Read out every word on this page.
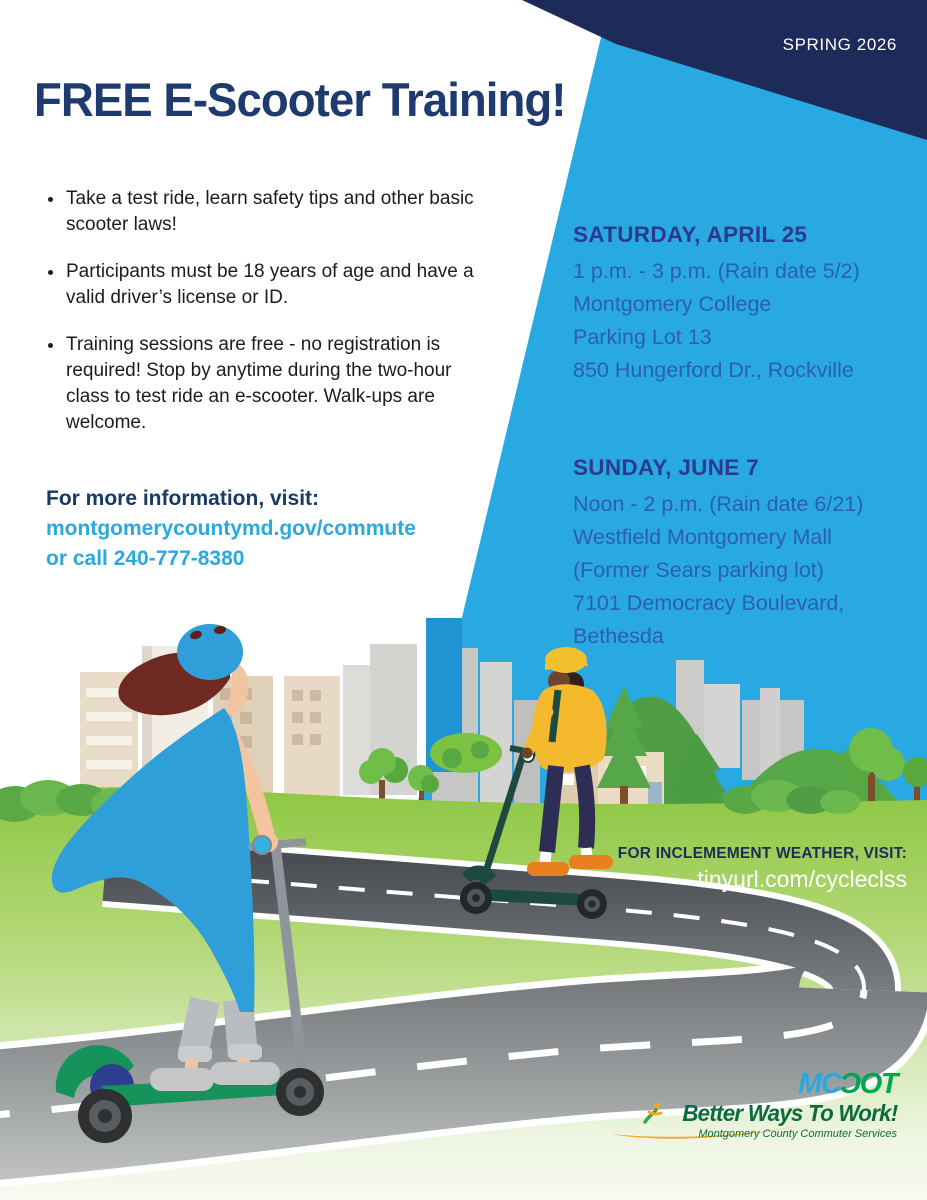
SPRING 2026
FREE E-Scooter Training!
Take a test ride, learn safety tips and other basic scooter laws!
Participants must be 18 years of age and have a valid driver’s license or ID.
Training sessions are free - no registration is required! Stop by anytime during the two-hour class to test ride an e-scooter. Walk-ups are welcome.
For more information, visit:
montgomerycountymd.gov/commute
or call 240-777-8380
SATURDAY, APRIL 25
1 p.m. - 3 p.m. (Rain date 5/2)
Montgomery College
Parking Lot 13
850 Hungerford Dr., Rockville
SUNDAY, JUNE 7
Noon - 2 p.m. (Rain date 6/21)
Westfield Montgomery Mall
(Former Sears parking lot)
7101 Democracy Boulevard,
Bethesda
FOR INCLEMEMENT WEATHER, VISIT:
tinyurl.com/cycleclss
MCƆOT
Better Ways To Work!
Montgomery County Commuter Services
